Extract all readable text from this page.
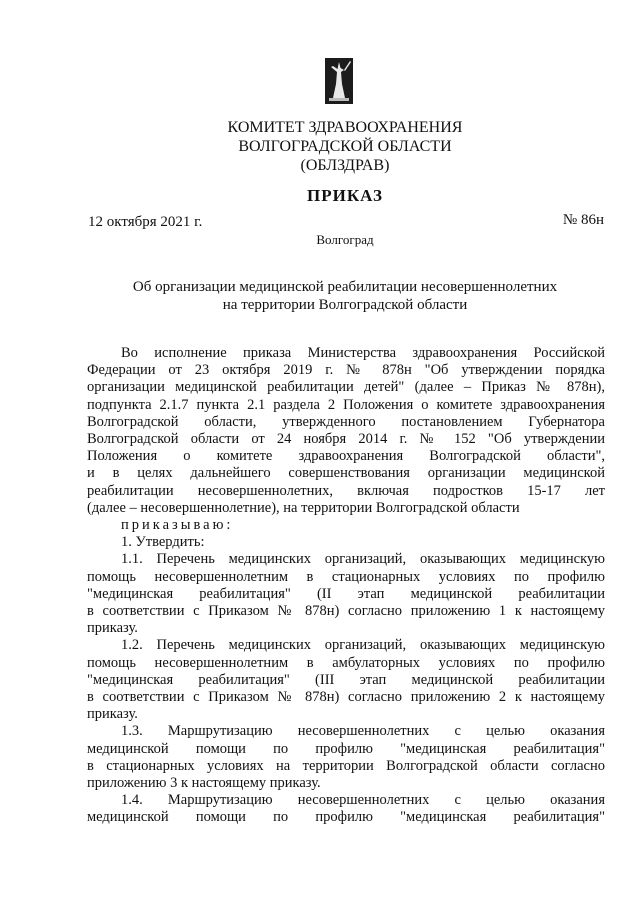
КОМИТЕТ ЗДРАВООХРАНЕНИЯ
ВОЛГОГРАДСКОЙ ОБЛАСТИ
(ОБЛЗДРАВ)
ПРИКАЗ
12 октября 2021 г.	№ 86н
Волгоград
Об организации медицинской реабилитации несовершеннолетних
на территории Волгоградской области
Во исполнение приказа Министерства здравоохранения Российской
Федерации от 23 октября 2019 г. № 878н "Об утверждении порядка
организации медицинской реабилитации детей" (далее – Приказ № 878н),
подпункта 2.1.7 пункта 2.1 раздела 2 Положения о комитете здравоохранения
Волгоградской области, утвержденного постановлением Губернатора
Волгоградской области от 24 ноября 2014 г. № 152 "Об утверждении
Положения о комитете здравоохранения Волгоградской области",
и в целях дальнейшего совершенствования организации медицинской
реабилитации несовершеннолетних, включая подростков 15-17 лет
(далее – несовершеннолетние), на территории Волгоградской области
приказываю:
1. Утвердить:
1.1. Перечень медицинских организаций, оказывающих медицинскую
помощь несовершеннолетним в стационарных условиях по профилю
"медицинская реабилитация" (II этап медицинской реабилитации
в соответствии с Приказом № 878н) согласно приложению 1 к настоящему
приказу.
1.2. Перечень медицинских организаций, оказывающих медицинскую
помощь несовершеннолетним в амбулаторных условиях по профилю
"медицинская реабилитация" (III этап медицинской реабилитации
в соответствии с Приказом № 878н) согласно приложению 2 к настоящему
приказу.
1.3. Маршрутизацию несовершеннолетних с целью оказания
медицинской помощи по профилю "медицинская реабилитация"
в стационарных условиях на территории Волгоградской области согласно
приложению 3 к настоящему приказу.
1.4. Маршрутизацию несовершеннолетних с целью оказания
медицинской помощи по профилю "медицинская реабилитация"
